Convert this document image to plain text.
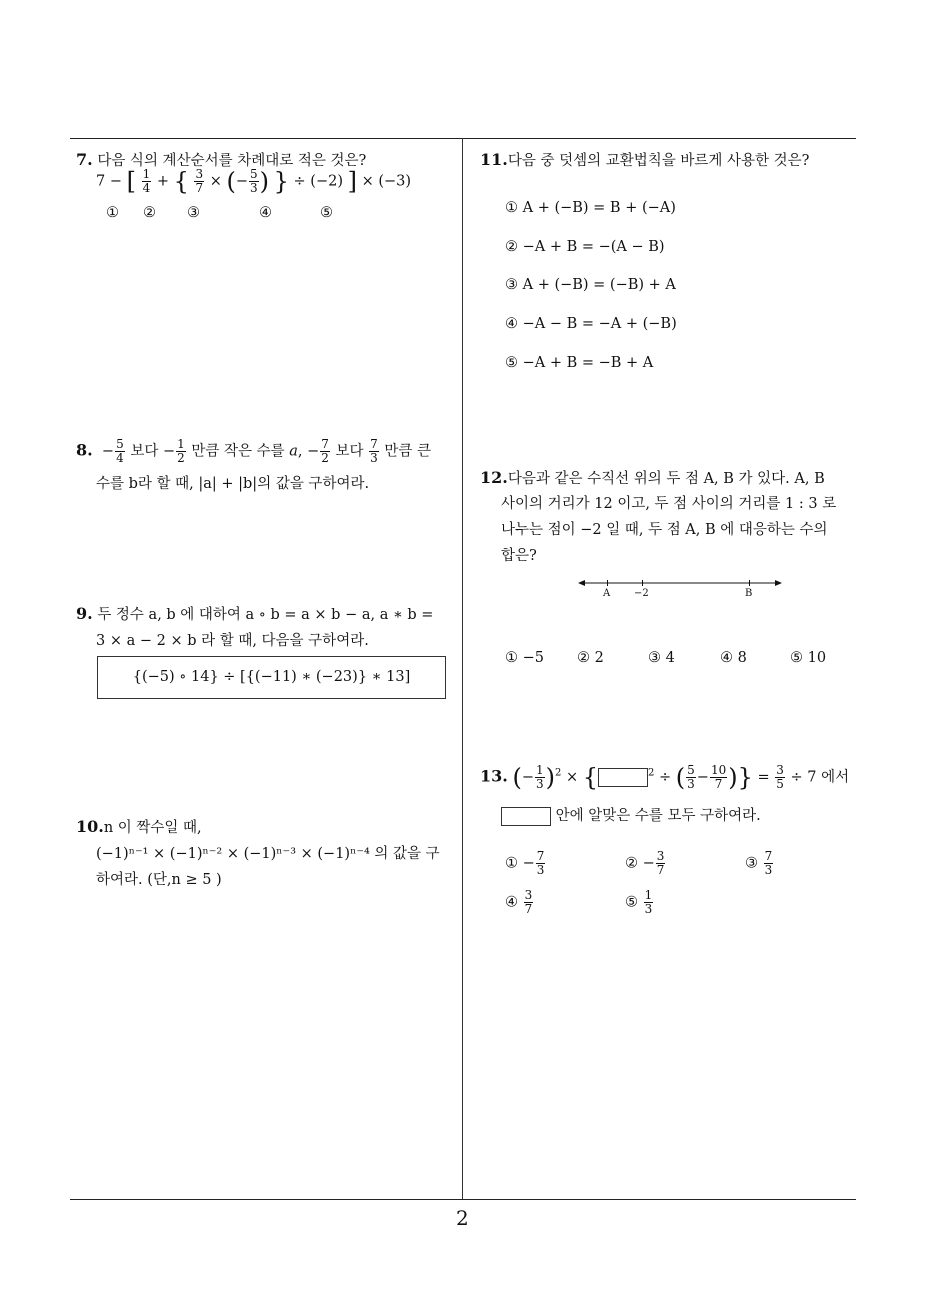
7. 다음 식의 계산순서를 차례대로 적은 것은?
7 − [ $\frac{1}{4}$ + { $\frac{3}{7}$ × (− $\frac{5}{3}$ ) } ÷ (−2) ] × (−3)
① ② ③	④	⑤
8.  − $\frac{5}{4}$ 보다 − $\frac{1}{2}$ 만큼 작은 수를 a, − $\frac{7}{2}$ 보다 $\frac{7}{3}$ 만큼 큰
수를 b라 할 때, |a| + |b|의 값을 구하여라.
9. 두 정수 a, b 에 대하여 a ∘ b = a × b − a, a ∗ b =
3 × a − 2 × b 라 할 때, 다음을 구하여라.
{(−5) ∘ 14} ÷ [{(−11) ∗ (−23)} ∗ 13]
10.n 이 짝수일 때,
(−1)ⁿ⁻¹ × (−1)ⁿ⁻² × (−1)ⁿ⁻³ × (−1)ⁿ⁻⁴ 의 값을 구
하여라. (단,n ≥ 5 )
11.다음 중 덧셈의 교환법칙을 바르게 사용한 것은?
① A + (−B) = B + (−A)
② −A + B = −(A − B)
③ A + (−B) = (−B) + A
④ −A − B = −A + (−B)
⑤ −A + B = −B + A
12.다음과 같은 수직선 위의 두 점 A, B 가 있다. A, B
사이의 거리가 12 이고, 두 점 사이의 거리를 1 : 3 로
나누는 점이 −2 일 때, 두 점 A, B 에 대응하는 수의
합은?
A −2	B
① −5 ② 2	③ 4	④ 8	⑤ 10
13. (− $\frac{1}{3} )^2$ × {	$^2$ ÷ ( $\frac{5}{3} - \frac{10}{7}$ )} = $\frac{3}{5} \div 7$ 에서
안에 알맞은 수를 모두 구하여라.
① − $\frac{7}{3}$	② − $\frac{3}{7}$	③ $\frac{7}{3}$
④ $\frac{3}{7}$	⑤ $\frac{1}{3}$
2
